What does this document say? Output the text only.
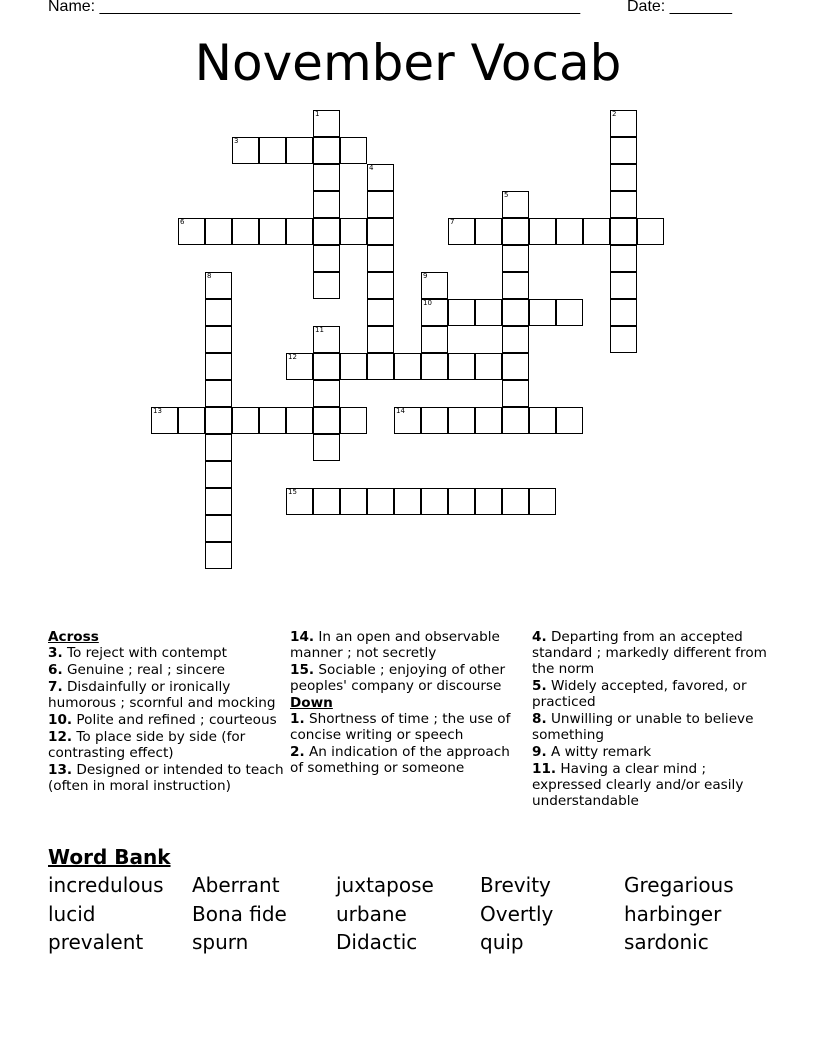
Name: ______________________________________________________	Date: _______
November Vocab
1	2
3
4
5
6	7
8	9
10
11
12
13	14
15

Across

3. To reject with contempt

6. Genuine ; real ; sincere

7. Disdainfully or ironically humorous ; scornful and mocking

10. Polite and refined ; courteous

12. To place side by side (for contrasting effect)

13. Designed or intended to teach (often in moral instruction)

14. In an open and observable manner ; not secretly

15. Sociable ; enjoying of other peoples' company or discourse

Down

1. Shortness of time ; the use of concise writing or speech

2. An indication of the approach of something or someone

4. Departing from an accepted standard ; markedly different from the norm

5. Widely accepted, favored, or practiced

8. Unwilling or unable to believe something

9. A witty remark

11. Having a clear mind ; expressed clearly and/or easily understandable

Word Bank
incredulous	Aberrant	juxtapose	Brevity	Gregarious
lucid	Bona fide	urbane	Overtly	harbinger
prevalent	spurn	Didactic	quip	sardonic
